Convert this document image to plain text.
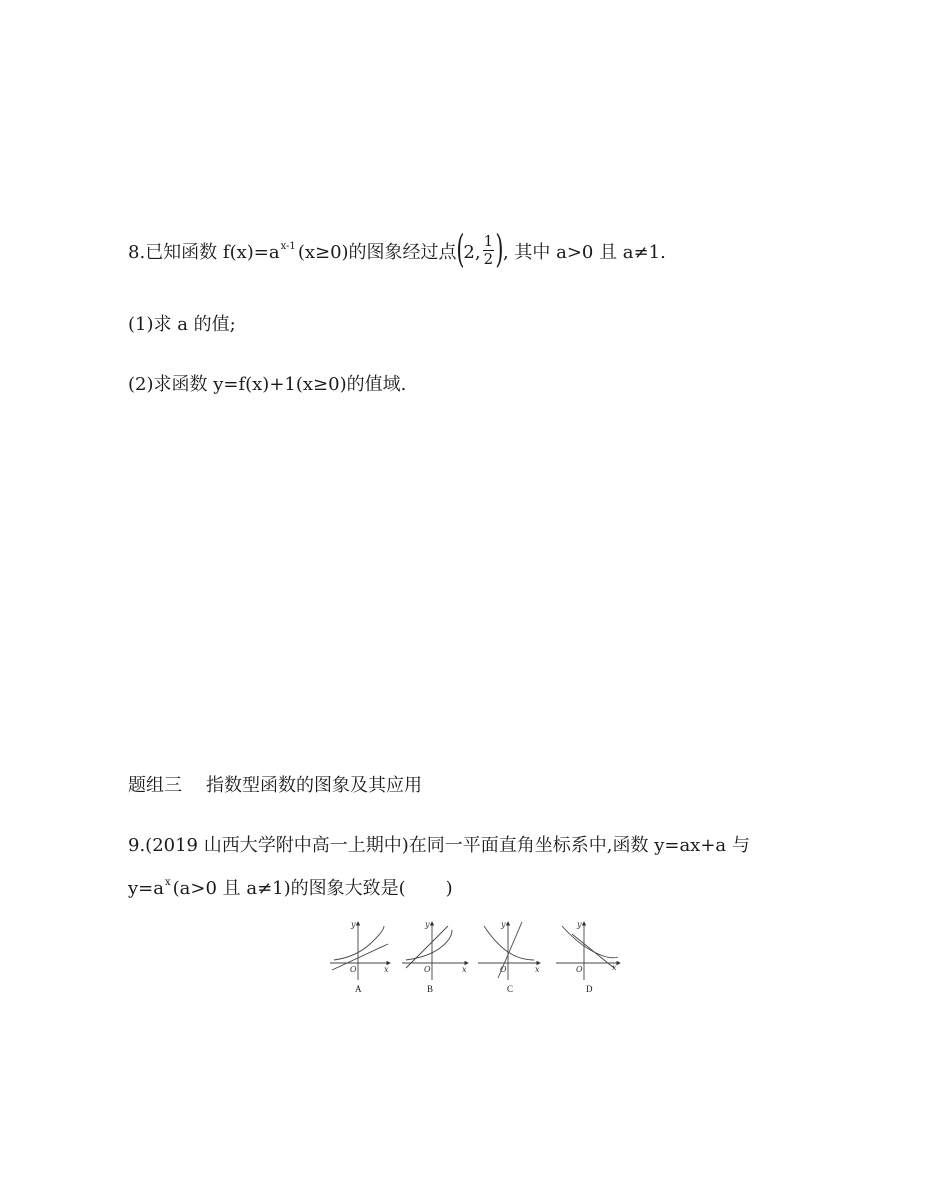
8.已知函数 $f(x)=a^{x-1}$ (x≥0)的图象经过点(2, $\frac{1}{2}$ ), 其中 a>0 且 a≠1.
(1)求 a 的值;
(2)求函数 y=f(x)+1(x≥0)的值域.
题组三 指数型函数的图象及其应用
9.(2019 山西大学附中高一上期中)在同一平面直角坐标系中,函数 y=ax+a 与
$y=a^x$ (a>0 且 a≠1)的图象大致是( )
x
y
O	x
y
O	x
y
O	x
y
O
A	B	C	D
